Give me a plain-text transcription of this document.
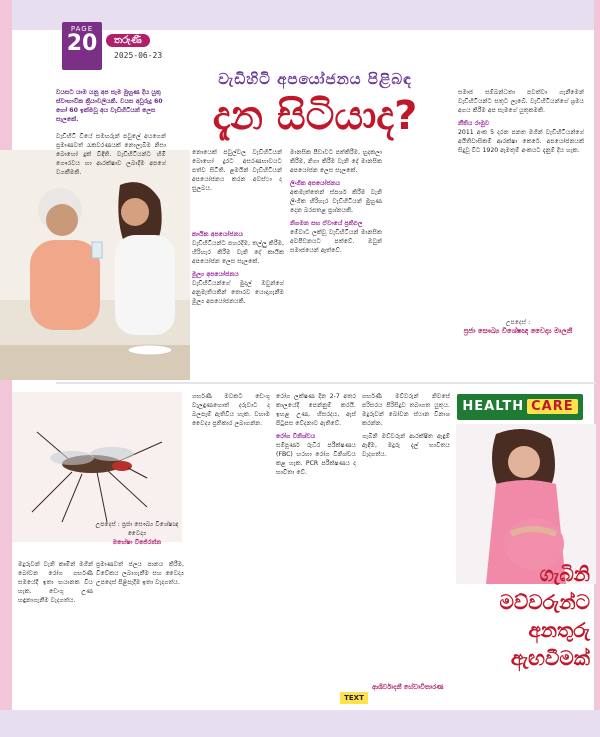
PAGE
20	තරුණී
2025-06-23
වැඩිහිටි අපයෝජනය පිළිබඳ
දැන සිටියාද?
වයසට යාම යනු අප සැම මුහුණ දිය යුතු ස්වාභාවික ක්‍රියාවලියකි. වයස අවුරුදු 60 හෝ 60 ඉක්මවූ අය වැඩිහිටියන් ලෙස සැලකේ.

වැඩිහිටි වියේ සමහරුන් පවුලේ අයගෙන් ප්‍රමාණවත් රැකවරණයක් නොලැබීම නිසා බොහෝ දුක් විඳිති. වැඩිහිටියන්ට හිමි ගෞරවය හා ආරක්ෂාව ලබාදීම අපගේ වගකීමකි.

නොයෙක් පවුල්වල වැඩිහිටියන් බොහෝ දුරට අසරණභාවයට පත්ව සිටිති. ළමයින් වැඩිහිටියන් අපයෝජනය කරන අවස්ථා ද සුලබය.

මානසික පීඩාවට පත්කිරීම, හුදකලා කිරීම, නිගා කිරීම වැනි දේ මානසික අපයෝජන ලෙස සැලකේ.

ලිංගික අපයෝජනය

අකමැත්තෙන් ස්පර්ශ කිරීම වැනි ලිංගික හිරිහැර වැඩිහිටියන් මුහුණ දෙන බරපතළ ප්‍රශ්නයකි.

නිගමන සහ ඒවායේ ප්‍රතිඵල

මේවාට ලක්වූ වැඩිහිටියන් මානසික අවපීඩනයට පත්වේ. ඔවුන් සමාජයෙන් ඈත්වේ.

කායික අපයෝජනය

වැඩිහිටියන්ට පහරදීම, තල්ලු කිරීම, හිරිහැර කිරීම වැනි දේ කායික අපයෝජන ලෙස සැලකේ.

මූල්‍ය අපයෝජනය

වැඩිහිටියන්ගේ මුදල් ඔවුන්ගේ අනුමැතියකින් තොරව යොදාගැනීම මූල්‍ය අපයෝජනයකි.

සමාජ සම්බන්ධතා පවත්වා ගැනීමෙන් වැඩිහිටියන්ට සතුට ලැබේ. වැඩිහිටියන්ගේ ශ්‍රමය අගය කිරීම අප සැමගේ යුතුකමකි.

නීතිය රාමුව

2011 අංක 5 දරන පනත මගින් වැඩිහිටියන්ගේ අයිතිවාසිකම් ආරක්ෂා කෙරේ. අපයෝජනයක් සිදුවූ විට 1920 ඇමතුම් අංකයට දැනුම් දිය හැක.

උපදෙස් :
ප්‍රජා සෞඛ්‍ය විශේෂඥ වෛද්‍ය මාලනී
HEALTH CARE
උපදෙස් : ප්‍රජා සෞඛ්‍ය විශේෂඥ වෛද්‍ය
මහේෂා විජේරත්න

මදුරුවන් වැනි කෘමීන් මගින් බෝවන රෝග ගර්භණී සමයේදී ඉතා භයානක විය හැක. ඩෙංගු උණ හඳුනාගැනීම වැදගත්ය.

ප්‍රමාණවත් ජලය පානය කිරීම, විවේකය ලබාගැනීම සහ වෛද්‍ය උපදෙස් පිළිපැදීම ඉතා වැදගත්ය.

ගර්භණී මවකට ඩෙංගු වැලඳුණහොත් දරුවාට ද බලපෑම් ඇතිවිය හැක. වහාම වෛද්‍ය ප්‍රතිකාර ලබාගන්න.

රෝග ලක්ෂණ දින 2-7 අතර කාලයේදී පෙන්නුම් කරයි. ඉහළ උණ, හිසරදය, ඇස් පිටුපස වේදනාව ඇතිවේ.

රෝග විනිශ්චය

සම්පූර්ණ රුධිර පරීක්ෂණය (FBC) හරහා රෝග විනිශ්චය කළ හැක. PCR පරීක්ෂණය ද භාවිතා වේ.

ගර්භණී මව්වරුන් නිවසේ පරිසරය පිරිසිදුව තබාගත යුතුය. මදුරුවන් බෝවන ස්ථාන විනාශ කරන්න.

ගැබිනි මව්වරුන් ආරක්ෂිත ඇඳුම් ඇඳීම, මදුරු දැල් භාවිතය වැදගත්ය.

ගැබිනි මව්වරුන්ට අනතුරු ඇඟවීමක්
TEXT
ආශිර්වාදනී හේවාවිතාරණ
